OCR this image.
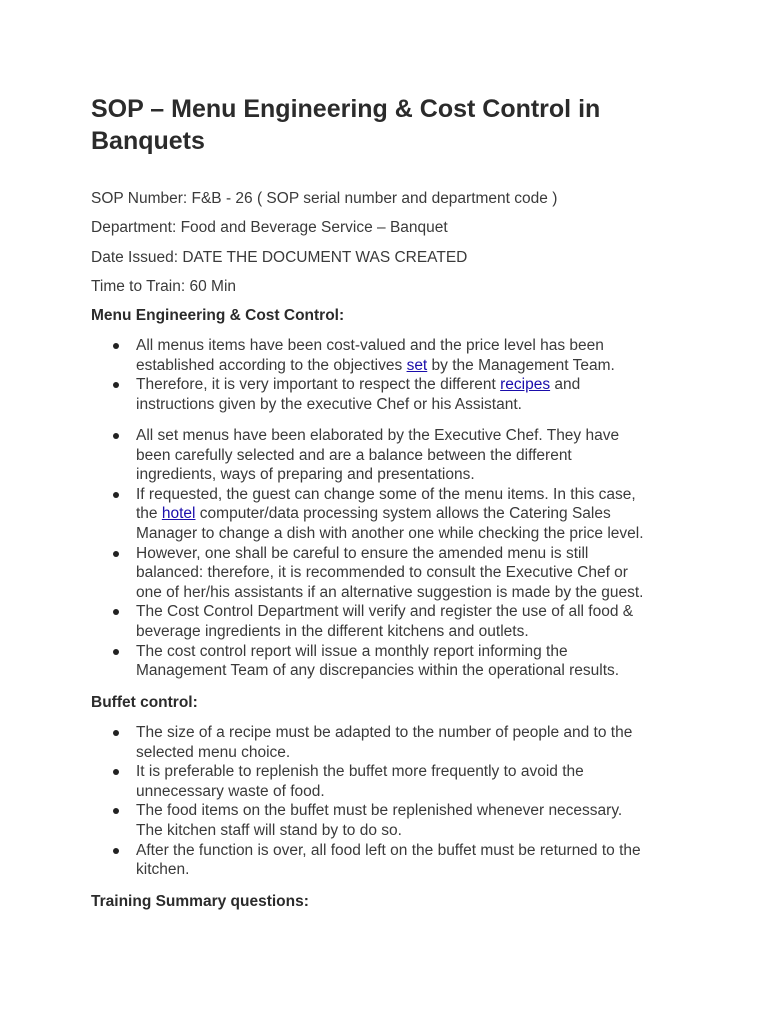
SOP – Menu Engineering & Cost Control in
Banquets
SOP Number: F&B - 26 ( SOP serial number and department code )
Department: Food and Beverage Service – Banquet
Date Issued: DATE THE DOCUMENT WAS CREATED
Time to Train: 60 Min
Menu Engineering & Cost Control:
All menus items have been cost-valued and the price level has been
established according to the objectives set by the Management Team.
Therefore, it is very important to respect the different recipes and
instructions given by the executive Chef or his Assistant.
All set menus have been elaborated by the Executive Chef. They have
been carefully selected and are a balance between the different
ingredients, ways of preparing and presentations.
If requested, the guest can change some of the menu items. In this case,
the hotel computer/data processing system allows the Catering Sales
Manager to change a dish with another one while checking the price level.
However, one shall be careful to ensure the amended menu is still
balanced: therefore, it is recommended to consult the Executive Chef or
one of her/his assistants if an alternative suggestion is made by the guest.
The Cost Control Department will verify and register the use of all food &
beverage ingredients in the different kitchens and outlets.
The cost control report will issue a monthly report informing the
Management Team of any discrepancies within the operational results.
Buffet control:
The size of a recipe must be adapted to the number of people and to the
selected menu choice.
It is preferable to replenish the buffet more frequently to avoid the
unnecessary waste of food.
The food items on the buffet must be replenished whenever necessary.
The kitchen staff will stand by to do so.
After the function is over, all food left on the buffet must be returned to the
kitchen.
Training Summary questions:
